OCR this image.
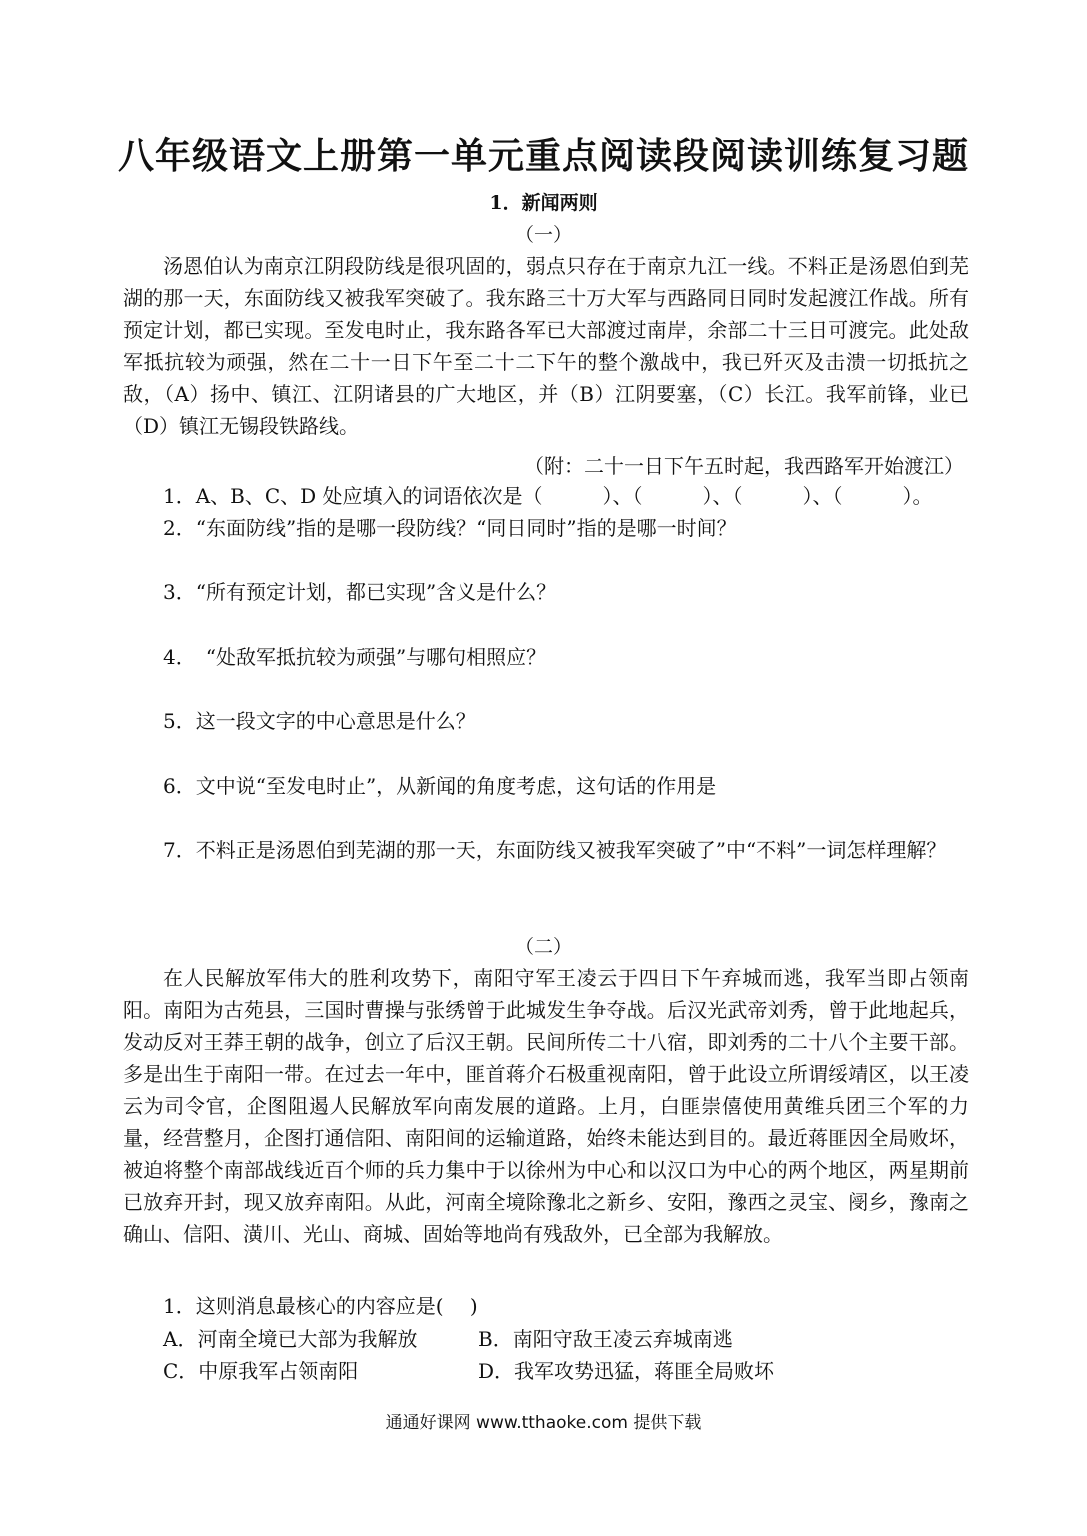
八年级语文上册第一单元重点阅读段阅读训练复习题
1．新闻两则
（一）

汤恩伯认为南京江阴段防线是很巩固的，弱点只存在于南京九江一线。不料正是汤恩伯到芜湖的那一天，东面防线又被我军突破了。我东路三十万大军与西路同日同时发起渡江作战。所有预定计划，都已实现。至发电时止，我东路各军已大部渡过南岸，余部二十三日可渡完。此处敌军抵抗较为顽强，然在二十一日下午至二十二下午的整个激战中，我已歼灭及击溃一切抵抗之敌，（A）扬中、镇江、江阴诸县的广大地区，并（B）江阴要塞，（C）长江。我军前锋，业已（D）镇江无锡段铁路线。

（附：二十一日下午五时起，我西路军开始渡江）
1．A、B、C、D 处应填入的词语依次是（　　　）、（　　　）、（　　　）、（　　　）。
2．“东面防线”指的是哪一段防线？“同日同时”指的是哪一时间？
3．“所有预定计划，都已实现”含义是什么？
4．　“处敌军抵抗较为顽强”与哪句相照应？
5．这一段文字的中心意思是什么？
6．文中说“至发电时止”，从新闻的角度考虑，这句话的作用是

7．不料正是汤恩伯到芜湖的那一天，东面防线又被我军突破了”中“不料”一词怎样理解？

（二）

在人民解放军伟大的胜利攻势下，南阳守军王凌云于四日下午弃城而逃，我军当即占领南阳。南阳为古苑县，三国时曹操与张绣曾于此城发生争夺战。后汉光武帝刘秀，曾于此地起兵，发动反对王莽王朝的战争，创立了后汉王朝。民间所传二十八宿，即刘秀的二十八个主要干部。多是出生于南阳一带。在过去一年中，匪首蒋介石极重视南阳，曾于此设立所谓绥靖区，以王凌云为司令官，企图阻遏人民解放军向南发展的道路。上月，白匪崇僖使用黄维兵团三个军的力量，经营整月，企图打通信阳、南阳间的运输道路，始终未能达到目的。最近蒋匪因全局败坏，被迫将整个南部战线近百个师的兵力集中于以徐州为中心和以汉口为中心的两个地区，两星期前已放弃开封，现又放弃南阳。从此，河南全境除豫北之新乡、安阳，豫西之灵宝、阌乡，豫南之确山、信阳、潢川、光山、商城、固始等地尚有残敌外，已全部为我解放。

1．这则消息最核心的内容应是(　 )
A．河南全境已大部为我解放	B．南阳守敌王凌云弃城南逃
C．中原我军占领南阳	D．我军攻势迅猛，蒋匪全局败坏
通通好课网 www.tthaoke.com 提供下载
